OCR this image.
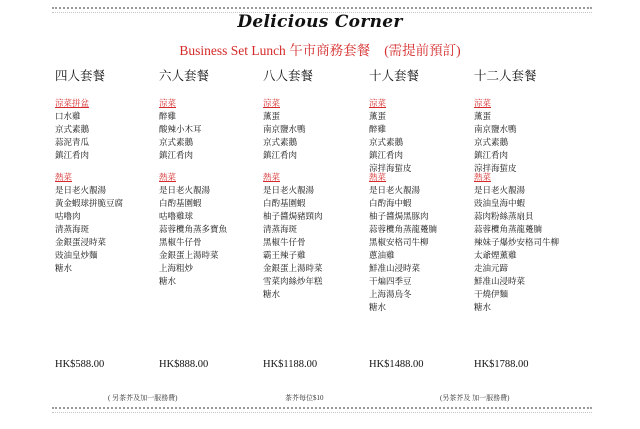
Delicious Corner
Business Set Lunch 午市商務套餐 (需提前預訂)
四人套餐
涼菜拼盆
口水雞
京式素鵝
蒜泥青瓜
鎮江肴肉
熱菜
是日老火靚湯
黃金蝦球拼脆豆腐
咕嚕肉
清蒸海斑
金銀蛋浸時菜
豉油皇炒麵
糖水
HK$588.00
六人套餐
涼菜
醉雞
酸辣小木耳
京式素鵝
鎮江肴肉
熱菜
是日老火靚湯
白酌基圍蝦
咕嚕雞球
蒜蓉欖角蒸多寶魚
黑椒牛仔骨
金銀蛋上湯時菜
上海粗炒
糖水
HK$888.00
八人套餐
涼菜
薰蛋
南京鹽水鴨
京式素鵝
鎮江肴肉
熱菜
是日老火靚湯
白酌基圍蝦
柚子醬焗豬頸肉
清蒸海斑
黑椒牛仔骨
霸王辣子雞
金銀蛋上湯時菜
雪菜肉絲炒年糕
糖水
HK$1188.00
十人套餐
涼菜
薰蛋
醉雞
京式素鵝
鎮江肴肉
涼拌海蜇皮
熱菜
是日老火靚湯
白酌海中蝦
柚子醬焗黑豚肉
蒜蓉欖角蒸龍躉腩
黑椒安格司牛柳
蔥油雞
鮮准山浸時菜
干煸四季豆
上海湯烏冬
糖水
HK$1488.00
十二人套餐
涼菜
薰蛋
南京鹽水鴨
京式素鵝
鎮江肴肉
涼拌海蜇皮
熱菜
是日老火靚湯
豉油皇海中蝦
蒜肉粉絲蒸扇貝
蒜蓉欖角蒸龍躉腩
辣妹子爆炒安格司牛柳
太爺煙薰雞
走油元蹄
鮮准山浸時菜
干燒伊麵
糖水
HK$1788.00
( 另茶芥及加一服務費)	茶芥每位$10	(另茶芥及 加一服務費)
